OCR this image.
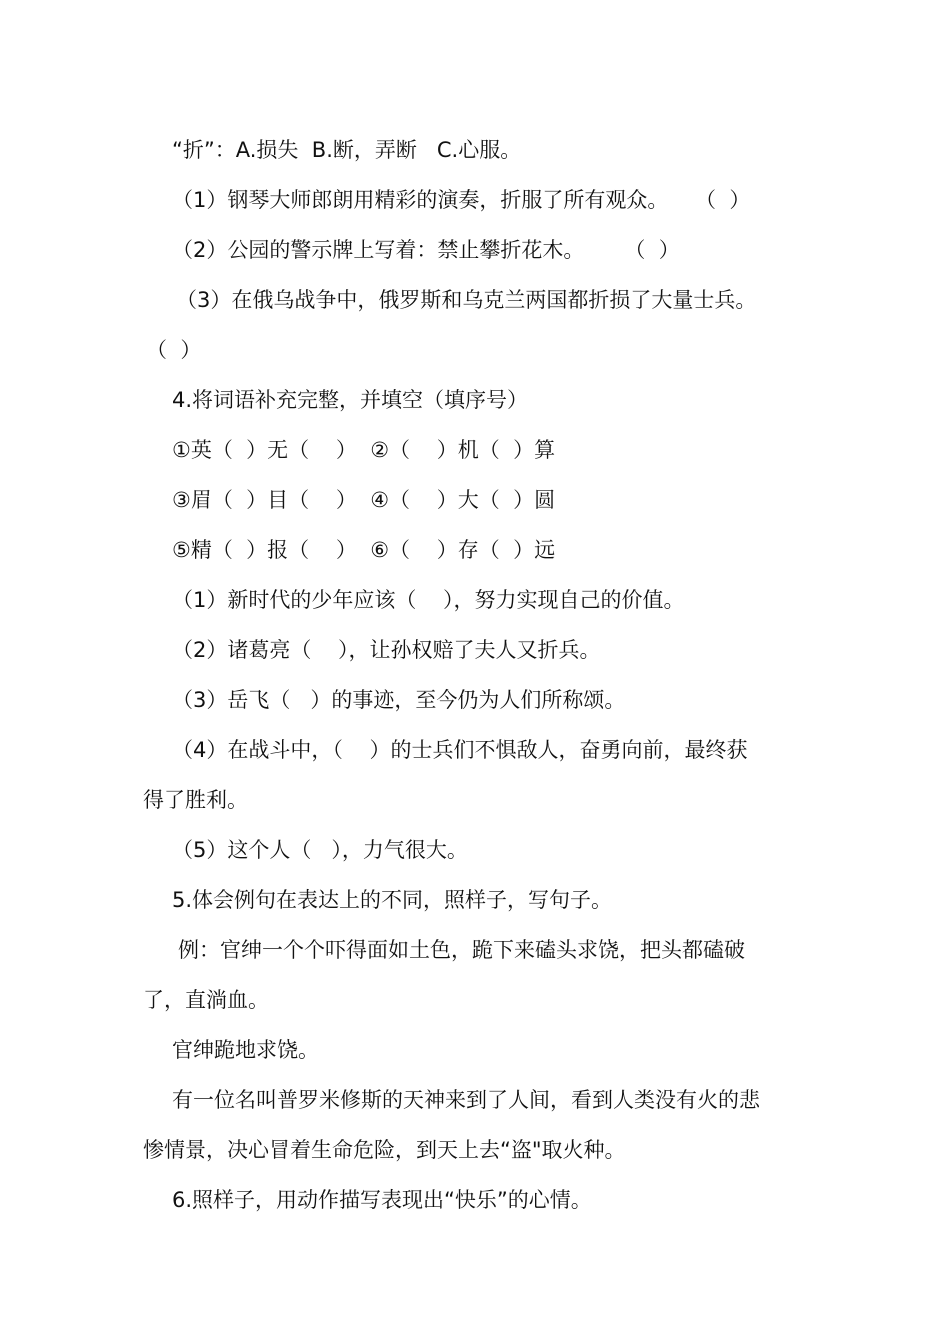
“折”：A.损失  B.断，弄断   C.心服。
（1）钢琴大师郎朗用精彩的演奏，折服了所有观众。    （  ）
（2）公园的警示牌上写着：禁止攀折花木。      （  ）
（3）在俄乌战争中，俄罗斯和乌克兰两国都折损了大量士兵。
（  ）
4.将词语补充完整，并填空（填序号）
①英（  ）无（    ）  ②（    ）机（  ）算
③眉（  ）目（    ）  ④（    ）大（  ）圆
⑤精（  ）报（    ）  ⑥（    ）存（  ）远
（1）新时代的少年应该（    ），努力实现自己的价值。
（2）诸葛亮（    ），让孙权赔了夫人又折兵。
（3）岳飞（   ）的事迹，至今仍为人们所称颂。
（4）在战斗中，（    ）的士兵们不惧敌人，奋勇向前，最终获
得了胜利。
（5）这个人（   ），力气很大。
5.体会例句在表达上的不同，照样子，写句子。
例：官绅一个个吓得面如土色，跪下来磕头求饶，把头都磕破
了，直淌血。
官绅跪地求饶。
有一位名叫普罗米修斯的天神来到了人间，看到人类没有火的悲
惨情景，决心冒着生命危险，到天上去“盗"取火种。
6.照样子，用动作描写表现出“快乐”的心情。
